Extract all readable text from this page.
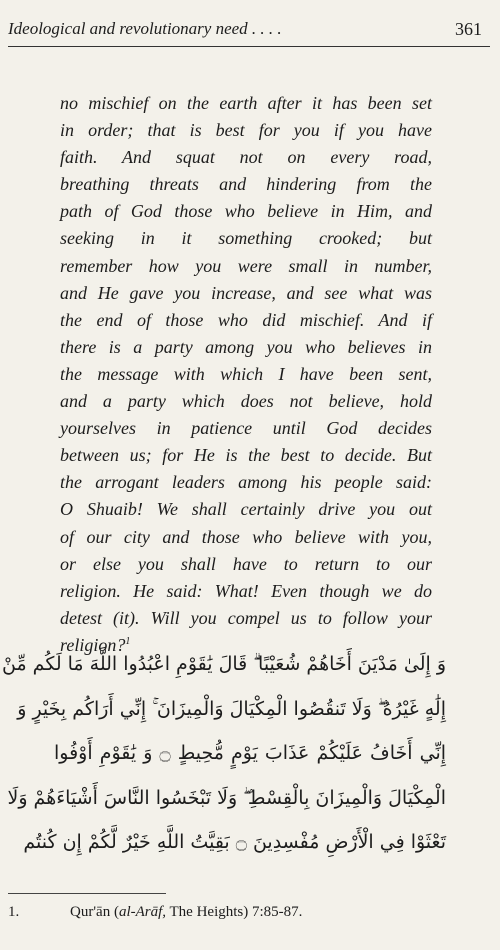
Ideological and revolutionary need . . . .	361
no mischief on the earth after it has been set
in order; that is best for you if you have
faith. And squat not on every road,
breathing threats and hindering from the
path of God those who believe in Him, and
seeking in it something crooked; but
remember how you were small in number,
and He gave you increase, and see what was
the end of those who did mischief. And if
there is a party among you who believes in
the message with which I have been sent,
and a party which does not believe, hold
yourselves in patience until God decides
between us; for He is the best to decide. But
the arrogant leaders among his people said:
O Shuaib! We shall certainly drive you out
of our city and those who believe with you,
or else you shall have to return to our
religion. He said: What! Even though we do
detest (it). Will you compel us to follow your
religion?$^1$
وَ إِلَىٰ مَدْيَنَ أَخَاهُمْ شُعَيْبًا ۗ قَالَ يَٰقَوْمِ اعْبُدُوا اللَّهَ مَا لَكُم مِّنْ
إِلَٰهٍ غَيْرُهُ ۖ وَلَا تَنقُصُوا الْمِكْيَالَ وَالْمِيزَانَ ۚ إِنِّي أَرَاكُم بِخَيْرٍ وَ
إِنِّي أَخَافُ عَلَيْكُمْ عَذَابَ يَوْمٍ مُّحِيطٍ ۝ وَ يَٰقَوْمِ أَوْفُوا
الْمِكْيَالَ وَالْمِيزَانَ بِالْقِسْطِ ۖ وَلَا تَبْخَسُوا النَّاسَ أَشْيَاءَهُمْ وَلَا
تَعْثَوْا فِي الْأَرْضِ مُفْسِدِينَ ۝ بَقِيَّتُ اللَّهِ خَيْرٌ لَّكُمْ إِن كُنتُم
1.	Qur'ān (al-Arāf, The Heights) 7:85-87.
